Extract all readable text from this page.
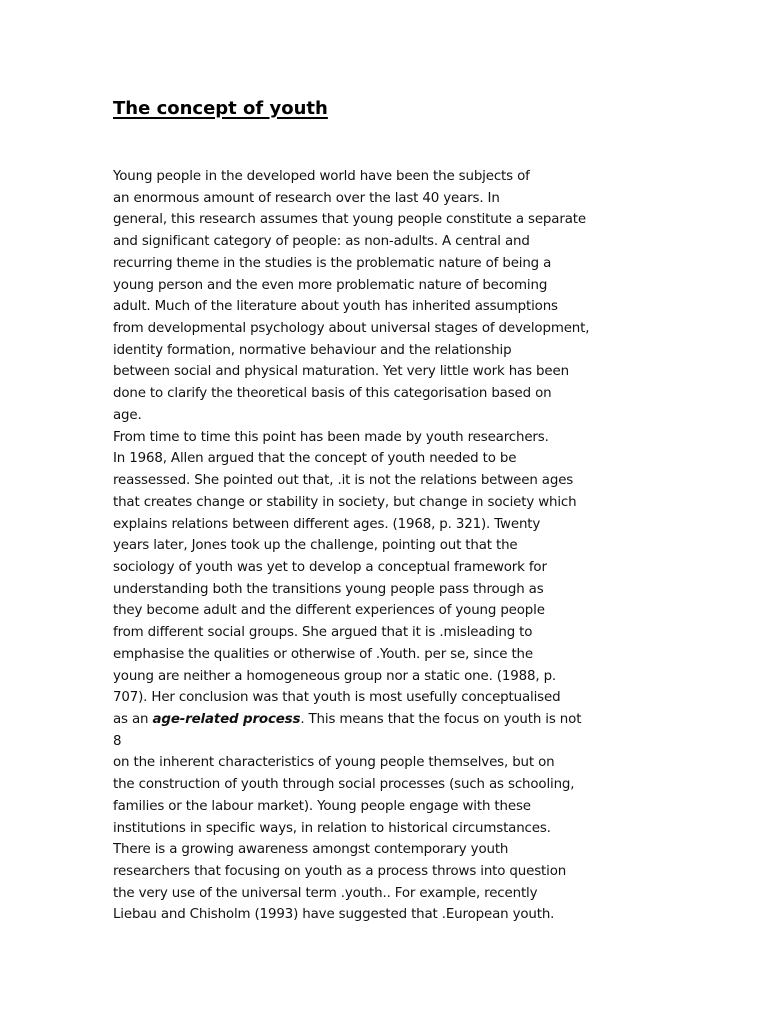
The concept of youth
Young people in the developed world have been the subjects of
an enormous amount of research over the last 40 years. In
general, this research assumes that young people constitute a separate
and significant category of people: as non-adults. A central and
recurring theme in the studies is the problematic nature of being a
young person and the even more problematic nature of becoming
adult. Much of the literature about youth has inherited assumptions
from developmental psychology about universal stages of development,
identity formation, normative behaviour and the relationship
between social and physical maturation. Yet very little work has been
done to clarify the theoretical basis of this categorisation based on
age.
From time to time this point has been made by youth researchers.
In 1968, Allen argued that the concept of youth needed to be
reassessed. She pointed out that, .it is not the relations between ages
that creates change or stability in society, but change in society which
explains relations between different ages. (1968, p. 321). Twenty
years later, Jones took up the challenge, pointing out that the
sociology of youth was yet to develop a conceptual framework for
understanding both the transitions young people pass through as
they become adult and the different experiences of young people
from different social groups. She argued that it is .misleading to
emphasise the qualities or otherwise of .Youth. per se, since the
young are neither a homogeneous group nor a static one. (1988, p.
707). Her conclusion was that youth is most usefully conceptualised
as an age-related process. This means that the focus on youth is not
8
on the inherent characteristics of young people themselves, but on
the construction of youth through social processes (such as schooling,
families or the labour market). Young people engage with these
institutions in specific ways, in relation to historical circumstances.
There is a growing awareness amongst contemporary youth
researchers that focusing on youth as a process throws into question
the very use of the universal term .youth.. For example, recently
Liebau and Chisholm (1993) have suggested that .European youth.
